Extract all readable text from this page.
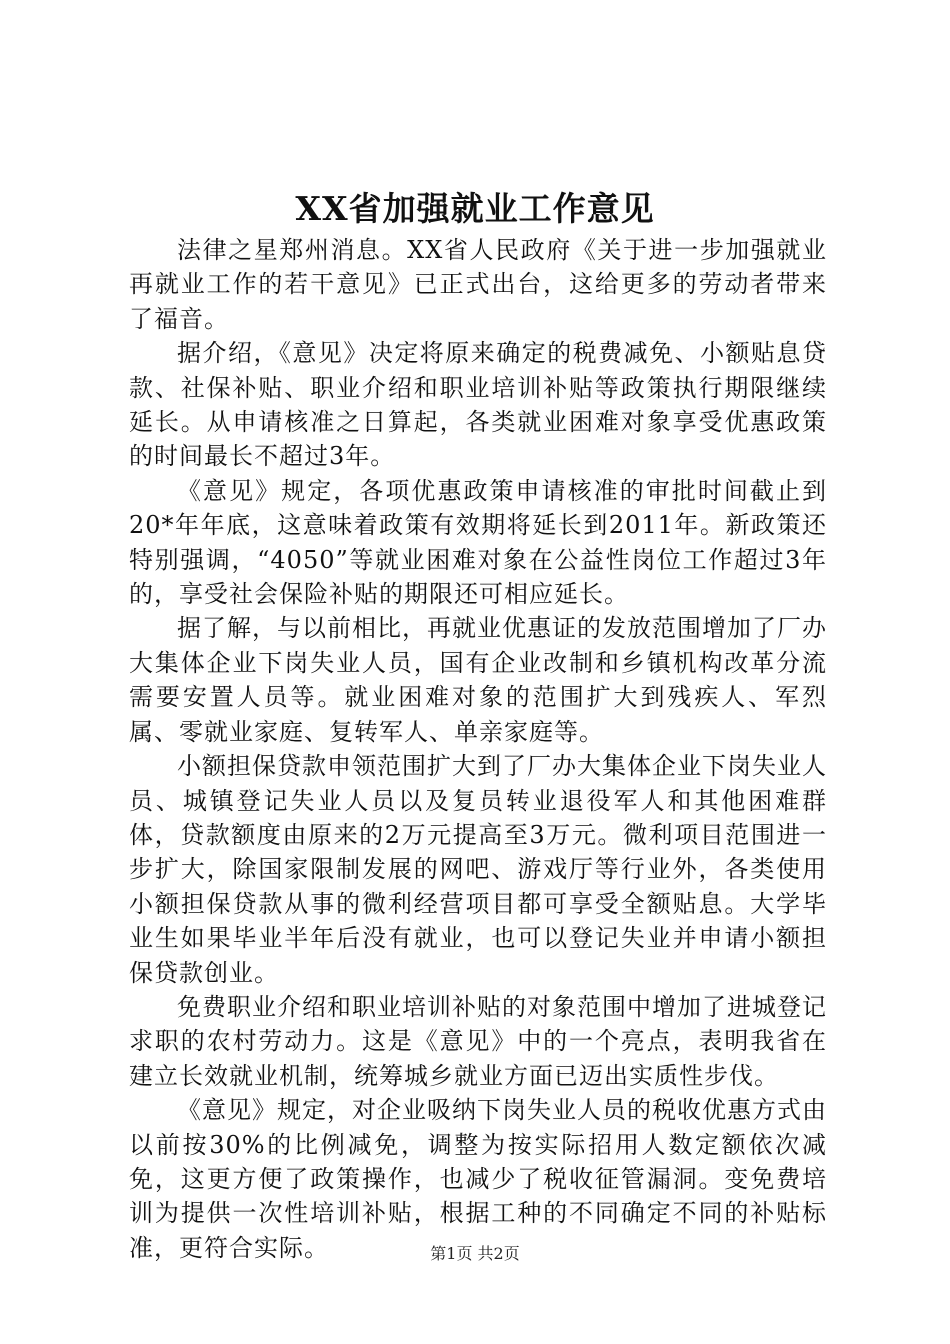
XX省加强就业工作意见

法律之星郑州消息。XX省人民政府《关于进一步加强就业再就业工作的若干意见》已正式出台，这给更多的劳动者带来了福音。

据介绍，《意见》决定将原来确定的税费减免、小额贴息贷款、社保补贴、职业介绍和职业培训补贴等政策执行期限继续延长。从申请核准之日算起，各类就业困难对象享受优惠政策的时间最长不超过3年。

《意见》规定，各项优惠政策申请核准的审批时间截止到20*年年底，这意味着政策有效期将延长到2011年。新政策还特别强调，“4050”等就业困难对象在公益性岗位工作超过3年的，享受社会保险补贴的期限还可相应延长。

据了解，与以前相比，再就业优惠证的发放范围增加了厂办大集体企业下岗失业人员，国有企业改制和乡镇机构改革分流需要安置人员等。就业困难对象的范围扩大到残疾人、军烈属、零就业家庭、复转军人、单亲家庭等。

小额担保贷款申领范围扩大到了厂办大集体企业下岗失业人员、城镇登记失业人员以及复员转业退役军人和其他困难群体，贷款额度由原来的2万元提高至3万元。微利项目范围进一步扩大，除国家限制发展的网吧、游戏厅等行业外，各类使用小额担保贷款从事的微利经营项目都可享受全额贴息。大学毕业生如果毕业半年后没有就业，也可以登记失业并申请小额担保贷款创业。

免费职业介绍和职业培训补贴的对象范围中增加了进城登记求职的农村劳动力。这是《意见》中的一个亮点，表明我省在建立长效就业机制，统筹城乡就业方面已迈出实质性步伐。

《意见》规定，对企业吸纳下岗失业人员的税收优惠方式由以前按30%的比例减免，调整为按实际招用人数定额依次减免，这更方便了政策操作，也减少了税收征管漏洞。变免费培训为提供一次性培训补贴，根据工种的不同确定不同的补贴标准，更符合实际。	第1页 共2页
